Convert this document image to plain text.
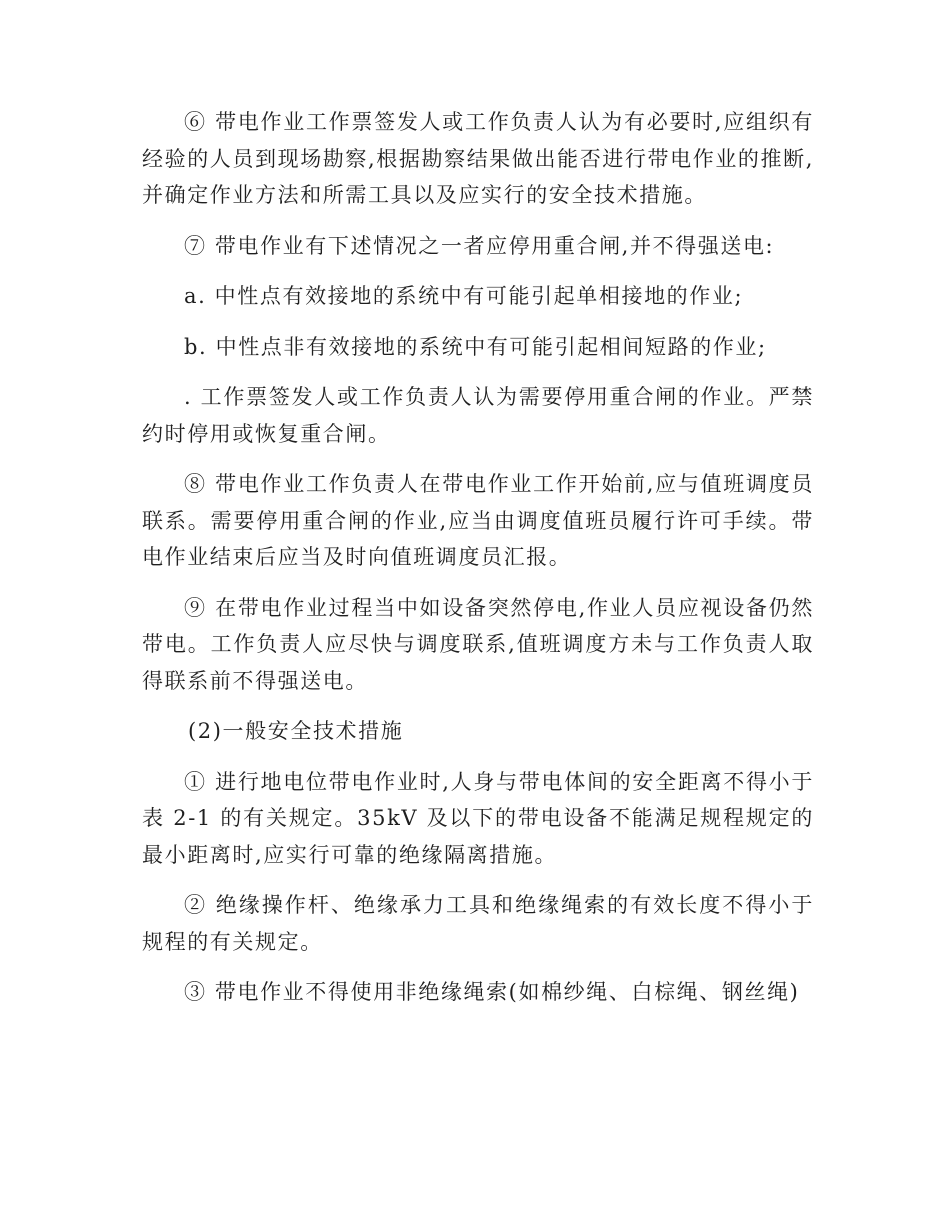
⑥ 带电作业工作票签发人或工作负责人认为有必要时,应组织有经验的人员到现场勘察,根据勘察结果做出能否进行带电作业的推断,并确定作业方法和所需工具以及应实行的安全技术措施。

⑦ 带电作业有下述情况之一者应停用重合闸,并不得强送电:

a. 中性点有效接地的系统中有可能引起单相接地的作业;

b. 中性点非有效接地的系统中有可能引起相间短路的作业;

. 工作票签发人或工作负责人认为需要停用重合闸的作业。严禁约时停用或恢复重合闸。

⑧ 带电作业工作负责人在带电作业工作开始前,应与值班调度员联系。需要停用重合闸的作业,应当由调度值班员履行许可手续。带电作业结束后应当及时向值班调度员汇报。

⑨ 在带电作业过程当中如设备突然停电,作业人员应视设备仍然带电。工作负责人应尽快与调度联系,值班调度方未与工作负责人取得联系前不得强送电。

(2)一般安全技术措施

① 进行地电位带电作业时,人身与带电体间的安全距离不得小于表 2-1 的有关规定。35kV 及以下的带电设备不能满足规程规定的最小距离时,应实行可靠的绝缘隔离措施。

② 绝缘操作杆、绝缘承力工具和绝缘绳索的有效长度不得小于规程的有关规定。

③ 带电作业不得使用非绝缘绳索(如棉纱绳、白棕绳、钢丝绳)
